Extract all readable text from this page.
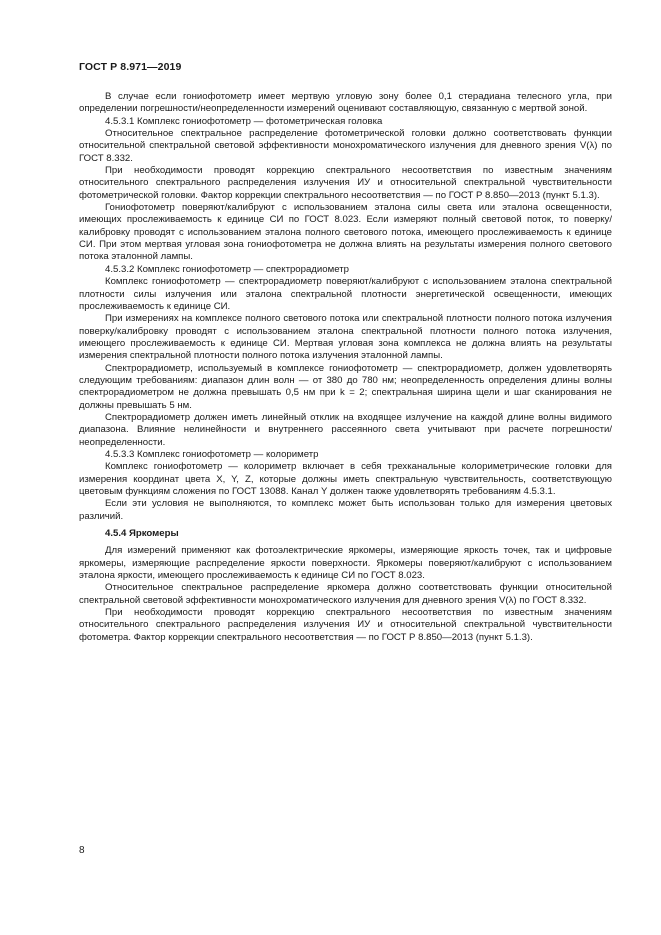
ГОСТ Р 8.971—2019

В случае если гониофотометр имеет мертвую угловую зону более 0,1 стерадиана телесного угла, при определении погрешности/неопределенности измерений оценивают составляющую, связанную с мертвой зоной.

4.5.3.1 Комплекс гониофотометр — фотометрическая головка

Относительное спектральное распределение фотометрической головки должно соответствовать функции относительной спектральной световой эффективности монохроматического излучения для дневного зрения V(λ) по ГОСТ 8.332.

При необходимости проводят коррекцию спектрального несоответствия по известным значениям относительного спектрального распределения излучения ИУ и относительной спектральной чувствительности фотометрической головки. Фактор коррекции спектрального несоответствия — по ГОСТ Р 8.850—2013 (пункт 5.1.3).

Гониофотометр поверяют/калибруют с использованием эталона силы света или эталона освещенности, имеющих прослеживаемость к единице СИ по ГОСТ 8.023. Если измеряют полный световой поток, то поверку/калибровку проводят с использованием эталона полного светового потока, имеющего прослеживаемость к единице СИ. При этом мертвая угловая зона гониофотометра не должна влиять на результаты измерения полного светового потока эталонной лампы.

4.5.3.2 Комплекс гониофотометр — спектрорадиометр

Комплекс гониофотометр — спектрорадиометр поверяют/калибруют с использованием эталона спектральной плотности силы излучения или эталона спектральной плотности энергетической освещенности, имеющих прослеживаемость к единице СИ.

При измерениях на комплексе полного светового потока или спектральной плотности полного потока излучения поверку/калибровку проводят с использованием эталона спектральной плотности полного потока излучения, имеющего прослеживаемость к единице СИ. Мертвая угловая зона комплекса не должна влиять на результаты измерения спектральной плотности полного потока излучения эталонной лампы.

Спектрорадиометр, используемый в комплексе гониофотометр — спектрорадиометр, должен удовлетворять следующим требованиям: диапазон длин волн — от 380 до 780 нм; неопределенность определения длины волны спектрорадиометром не должна превышать 0,5 нм при k = 2; спектральная ширина щели и шаг сканирования не должны превышать 5 нм.

Спектрорадиометр должен иметь линейный отклик на входящее излучение на каждой длине волны видимого диапазона. Влияние нелинейности и внутреннего рассеянного света учитывают при расчете погрешности/неопределенности.

4.5.3.3 Комплекс гониофотометр — колориметр

Комплекс гониофотометр — колориметр включает в себя трехканальные колориметрические головки для измерения координат цвета X, Y, Z, которые должны иметь спектральную чувствительность, соответствующую цветовым функциям сложения по ГОСТ 13088. Канал Y должен также удовлетворять требованиям 4.5.3.1.

Если эти условия не выполняются, то комплекс может быть использован только для измерения цветовых различий.

4.5.4 Яркомеры

Для измерений применяют как фотоэлектрические яркомеры, измеряющие яркость точек, так и цифровые яркомеры, измеряющие распределение яркости поверхности. Яркомеры поверяют/калибруют с использованием эталона яркости, имеющего прослеживаемость к единице СИ по ГОСТ 8.023.

Относительное спектральное распределение яркомера должно соответствовать функции относительной спектральной световой эффективности монохроматического излучения для дневного зрения V(λ) по ГОСТ 8.332.

При необходимости проводят коррекцию спектрального несоответствия по известным значениям относительного спектрального распределения излучения ИУ и относительной спектральной чувствительности фотометра. Фактор коррекции спектрального несоответствия — по ГОСТ Р 8.850—2013 (пункт 5.1.3).

8
